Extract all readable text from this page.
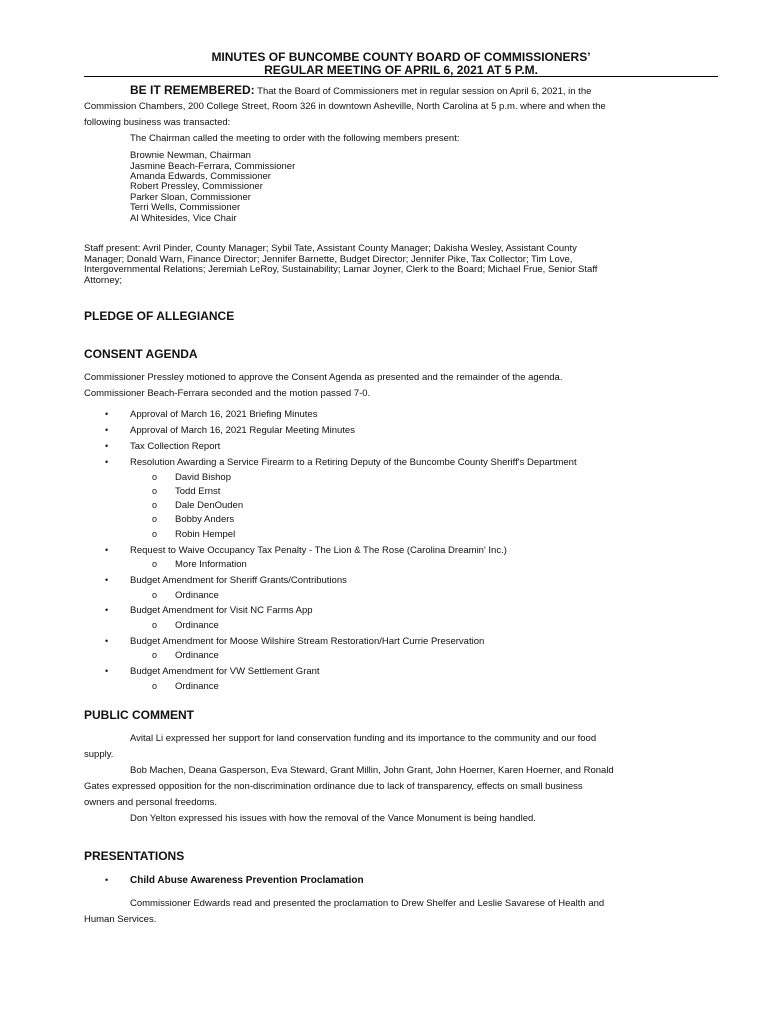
MINUTES OF BUNCOMBE COUNTY BOARD OF COMMISSIONERS’
REGULAR MEETING OF APRIL 6, 2021 AT 5 P.M.
BE IT REMEMBERED: That the Board of Commissioners met in regular session on April 6, 2021, in the
Commission Chambers, 200 College Street, Room 326 in downtown Asheville, North Carolina at 5 p.m. where and when the
following business was transacted:
The Chairman called the meeting to order with the following members present:
Brownie Newman, Chairman
Jasmine Beach-Ferrara, Commissioner
Amanda Edwards, Commissioner
Robert Pressley, Commissioner
Parker Sloan, Commissioner
Terri Wells, Commissioner
Al Whitesides, Vice Chair
Staff present: Avril Pinder, County Manager; Sybil Tate, Assistant County Manager; Dakisha Wesley, Assistant County
Manager; Donald Warn, Finance Director; Jennifer Barnette, Budget Director; Jennifer Pike, Tax Collector; Tim Love,
Intergovernmental Relations; Jeremiah LeRoy, Sustainability; Lamar Joyner, Clerk to the Board; Michael Frue, Senior Staff
Attorney;
PLEDGE OF ALLEGIANCE
CONSENT AGENDA
Commissioner Pressley motioned to approve the Consent Agenda as presented and the remainder of the agenda.
Commissioner Beach-Ferrara seconded and the motion passed 7-0.
• Approval of March 16, 2021 Briefing Minutes
• Approval of March 16, 2021 Regular Meeting Minutes
• Tax Collection Report
• Resolution Awarding a Service Firearm to a Retiring Deputy of the Buncombe County Sheriff's Department
o David Bishop
o Todd Ernst
o Dale DenOuden
o Bobby Anders
o Robin Hempel
• Request to Waive Occupancy Tax Penalty - The Lion & The Rose (Carolina Dreamin' Inc.)
o More Information
• Budget Amendment for Sheriff Grants/Contributions
o Ordinance
• Budget Amendment for Visit NC Farms App
o Ordinance
• Budget Amendment for Moose Wilshire Stream Restoration/Hart Currie Preservation
o Ordinance
• Budget Amendment for VW Settlement Grant
o Ordinance
PUBLIC COMMENT
Avital Li expressed her support for land conservation funding and its importance to the community and our food
supply.
Bob Machen, Deana Gasperson, Eva Steward, Grant Millin, John Grant, John Hoerner, Karen Hoerner, and Ronald
Gates expressed opposition for the non-discrimination ordinance due to lack of transparency, effects on small business
owners and personal freedoms.
Don Yelton expressed his issues with how the removal of the Vance Monument is being handled.
PRESENTATIONS
• Child Abuse Awareness Prevention Proclamation
Commissioner Edwards read and presented the proclamation to Drew Shelfer and Leslie Savarese of Health and
Human Services.
